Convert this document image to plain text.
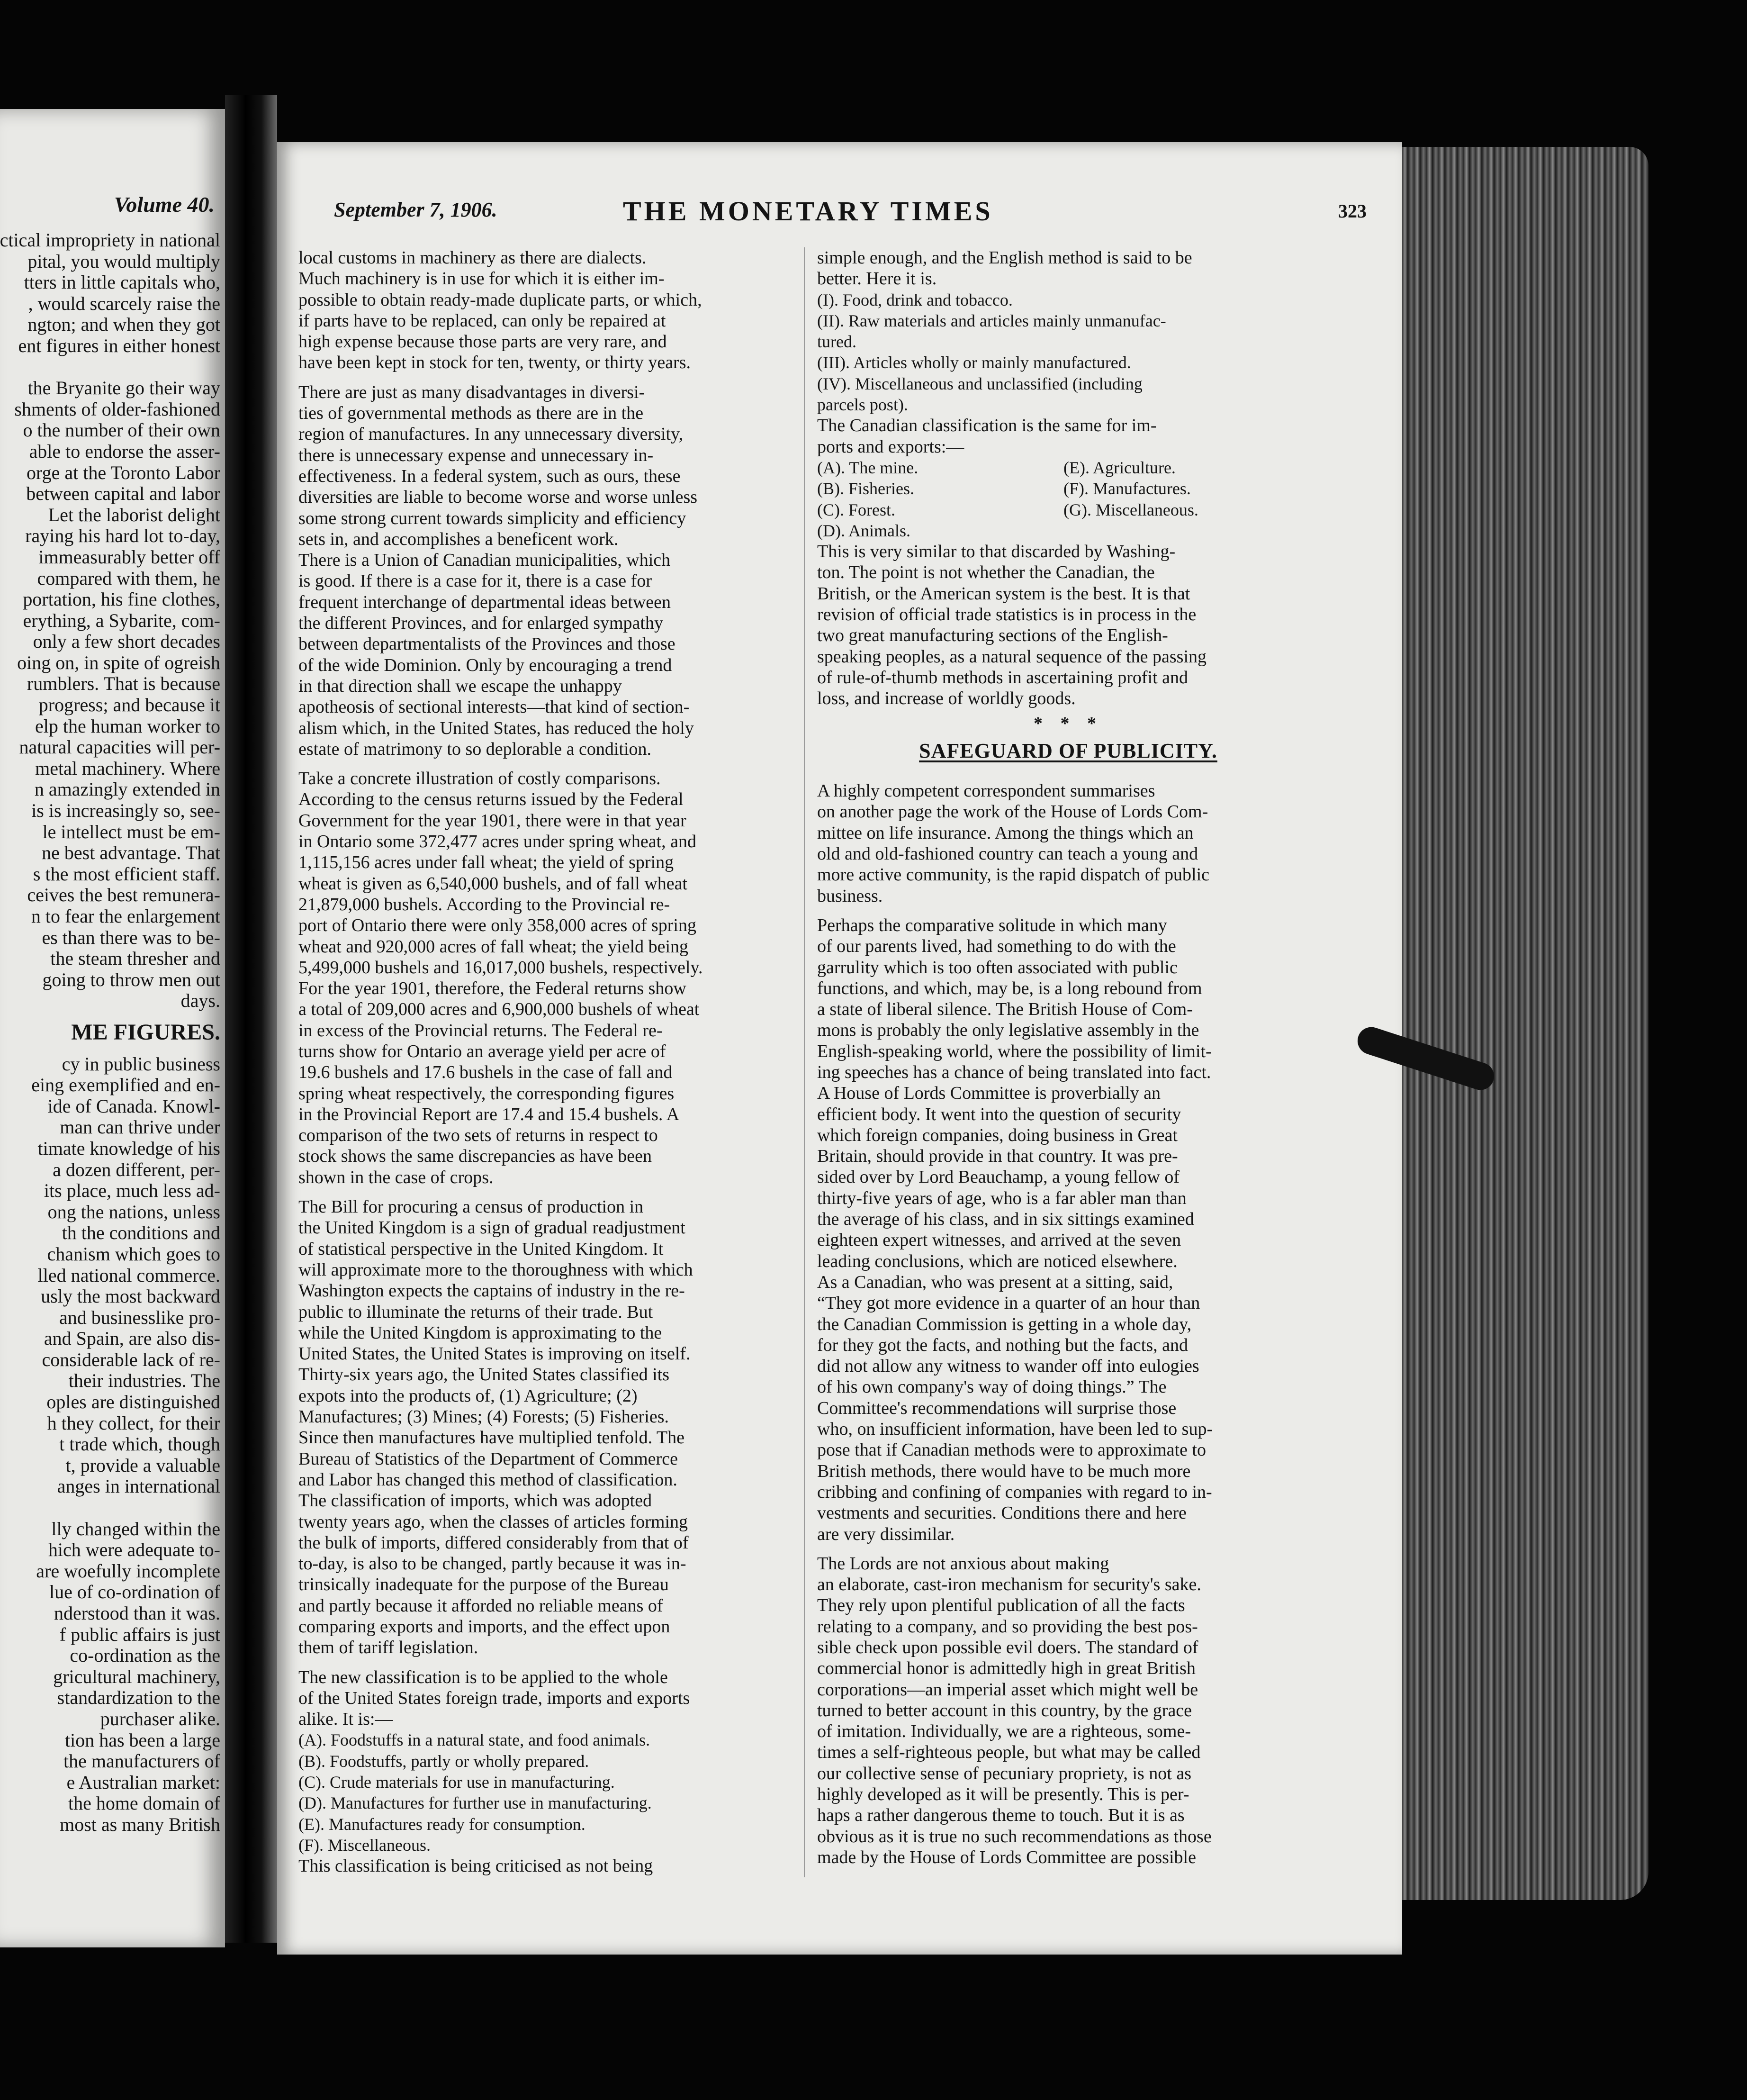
Volume 40.
ctical impropriety in national
pital, you would multiply
tters in little capitals who,
, would scarcely raise the
ngton; and when they got
ent figures in either honest

the Bryanite go their way
shments of older-fashioned
o the number of their own
able to endorse the asser-
orge at the Toronto Labor
between capital and labor
Let the laborist delight
raying his hard lot to-day,
immeasurably better off
compared with them, he
portation, his fine clothes,
erything, a Sybarite, com-
only a few short decades
oing on, in spite of ogreish
rumblers. That is because
progress; and because it
elp the human worker to
natural capacities will per-
metal machinery. Where
n amazingly extended in
is is increasingly so, see-
le intellect must be em-
ne best advantage. That
s the most efficient staff.
ceives the best remunera-
n to fear the enlargement
es than there was to be-
the steam thresher and
going to throw men out
days.
ME FIGURES.
cy in public business
eing exemplified and en-
ide of Canada. Knowl-
man can thrive under
timate knowledge of his
a dozen different, per-
its place, much less ad-
ong the nations, unless
th the conditions and
chanism which goes to
lled national commerce.
usly the most backward
and businesslike pro-
and Spain, are also dis-
considerable lack of re-
their industries. The
oples are distinguished
h they collect, for their
t trade which, though
t, provide a valuable
anges in international

lly changed within the
hich were adequate to-
are woefully incomplete
lue of co-ordination of
nderstood than it was.
f public affairs is just
co-ordination as the
gricultural machinery,
standardization to the
purchaser alike.
tion has been a large
the manufacturers of
e Australian market:
the home domain of
most as many British
September 7, 1906.	THE MONETARY TIMES	323
local customs in machinery as there are dialects.
Much machinery is in use for which it is either im-
possible to obtain ready-made duplicate parts, or which,
if parts have to be replaced, can only be repaired at
high expense because those parts are very rare, and
have been kept in stock for ten, twenty, or thirty years.
There are just as many disadvantages in diversi-
ties of governmental methods as there are in the
region of manufactures. In any unnecessary diversity,
there is unnecessary expense and unnecessary in-
effectiveness. In a federal system, such as ours, these
diversities are liable to become worse and worse unless
some strong current towards simplicity and efficiency
sets in, and accomplishes a beneficent work.
There is a Union of Canadian municipalities, which
is good. If there is a case for it, there is a case for
frequent interchange of departmental ideas between
the different Provinces, and for enlarged sympathy
between departmentalists of the Provinces and those
of the wide Dominion. Only by encouraging a trend
in that direction shall we escape the unhappy
apotheosis of sectional interests—that kind of section-
alism which, in the United States, has reduced the holy
estate of matrimony to so deplorable a condition.
Take a concrete illustration of costly comparisons.
According to the census returns issued by the Federal
Government for the year 1901, there were in that year
in Ontario some 372,477 acres under spring wheat, and
1,115,156 acres under fall wheat; the yield of spring
wheat is given as 6,540,000 bushels, and of fall wheat
21,879,000 bushels. According to the Provincial re-
port of Ontario there were only 358,000 acres of spring
wheat and 920,000 acres of fall wheat; the yield being
5,499,000 bushels and 16,017,000 bushels, respectively.
For the year 1901, therefore, the Federal returns show
a total of 209,000 acres and 6,900,000 bushels of wheat
in excess of the Provincial returns. The Federal re-
turns show for Ontario an average yield per acre of
19.6 bushels and 17.6 bushels in the case of fall and
spring wheat respectively, the corresponding figures
in the Provincial Report are 17.4 and 15.4 bushels. A
comparison of the two sets of returns in respect to
stock shows the same discrepancies as have been
shown in the case of crops.
The Bill for procuring a census of production in
the United Kingdom is a sign of gradual readjustment
of statistical perspective in the United Kingdom. It
will approximate more to the thoroughness with which
Washington expects the captains of industry in the re-
public to illuminate the returns of their trade. But
while the United Kingdom is approximating to the
United States, the United States is improving on itself.
Thirty-six years ago, the United States classified its
expots into the products of, (1) Agriculture; (2)
Manufactures; (3) Mines; (4) Forests; (5) Fisheries.
Since then manufactures have multiplied tenfold. The
Bureau of Statistics of the Department of Commerce
and Labor has changed this method of classification.
The classification of imports, which was adopted
twenty years ago, when the classes of articles forming
the bulk of imports, differed considerably from that of
to-day, is also to be changed, partly because it was in-
trinsically inadequate for the purpose of the Bureau
and partly because it afforded no reliable means of
comparing exports and imports, and the effect upon
them of tariff legislation.
The new classification is to be applied to the whole
of the United States foreign trade, imports and exports
alike. It is:—
(A). Foodstuffs in a natural state, and food animals.
(B). Foodstuffs, partly or wholly prepared.
(C). Crude materials for use in manufacturing.
(D). Manufactures for further use in manufacturing.
(E). Manufactures ready for consumption.
(F). Miscellaneous.
This classification is being criticised as not being
simple enough, and the English method is said to be
better. Here it is.
(I). Food, drink and tobacco.
(II). Raw materials and articles mainly unmanufac-
tured.
(III). Articles wholly or mainly manufactured.
(IV). Miscellaneous and unclassified (including
parcels post).
The Canadian classification is the same for im-
ports and exports:—
(A). The mine.	(E). Agriculture.
(B). Fisheries.	(F). Manufactures.
(C). Forest.	(G). Miscellaneous.
(D). Animals.
This is very similar to that discarded by Washing-
ton. The point is not whether the Canadian, the
British, or the American system is the best. It is that
revision of official trade statistics is in process in the
two great manufacturing sections of the English-
speaking peoples, as a natural sequence of the passing
of rule-of-thumb methods in ascertaining profit and
loss, and increase of worldly goods.
* * *
SAFEGUARD OF PUBLICITY.
A highly competent correspondent summarises
on another page the work of the House of Lords Com-
mittee on life insurance. Among the things which an
old and old-fashioned country can teach a young and
more active community, is the rapid dispatch of public
business.
Perhaps the comparative solitude in which many
of our parents lived, had something to do with the
garrulity which is too often associated with public
functions, and which, may be, is a long rebound from
a state of liberal silence. The British House of Com-
mons is probably the only legislative assembly in the
English-speaking world, where the possibility of limit-
ing speeches has a chance of being translated into fact.
A House of Lords Committee is proverbially an
efficient body. It went into the question of security
which foreign companies, doing business in Great
Britain, should provide in that country. It was pre-
sided over by Lord Beauchamp, a young fellow of
thirty-five years of age, who is a far abler man than
the average of his class, and in six sittings examined
eighteen expert witnesses, and arrived at the seven
leading conclusions, which are noticed elsewhere.
As a Canadian, who was present at a sitting, said,
“They got more evidence in a quarter of an hour than
the Canadian Commission is getting in a whole day,
for they got the facts, and nothing but the facts, and
did not allow any witness to wander off into eulogies
of his own company's way of doing things.” The
Committee's recommendations will surprise those
who, on insufficient information, have been led to sup-
pose that if Canadian methods were to approximate to
British methods, there would have to be much more
cribbing and confining of companies with regard to in-
vestments and securities. Conditions there and here
are very dissimilar.
The Lords are not anxious about making
an elaborate, cast-iron mechanism for security's sake.
They rely upon plentiful publication of all the facts
relating to a company, and so providing the best pos-
sible check upon possible evil doers. The standard of
commercial honor is admittedly high in great British
corporations—an imperial asset which might well be
turned to better account in this country, by the grace
of imitation. Individually, we are a righteous, some-
times a self-righteous people, but what may be called
our collective sense of pecuniary propriety, is not as
highly developed as it will be presently. This is per-
haps a rather dangerous theme to touch. But it is as
obvious as it is true no such recommendations as those
made by the House of Lords Committee are possible
